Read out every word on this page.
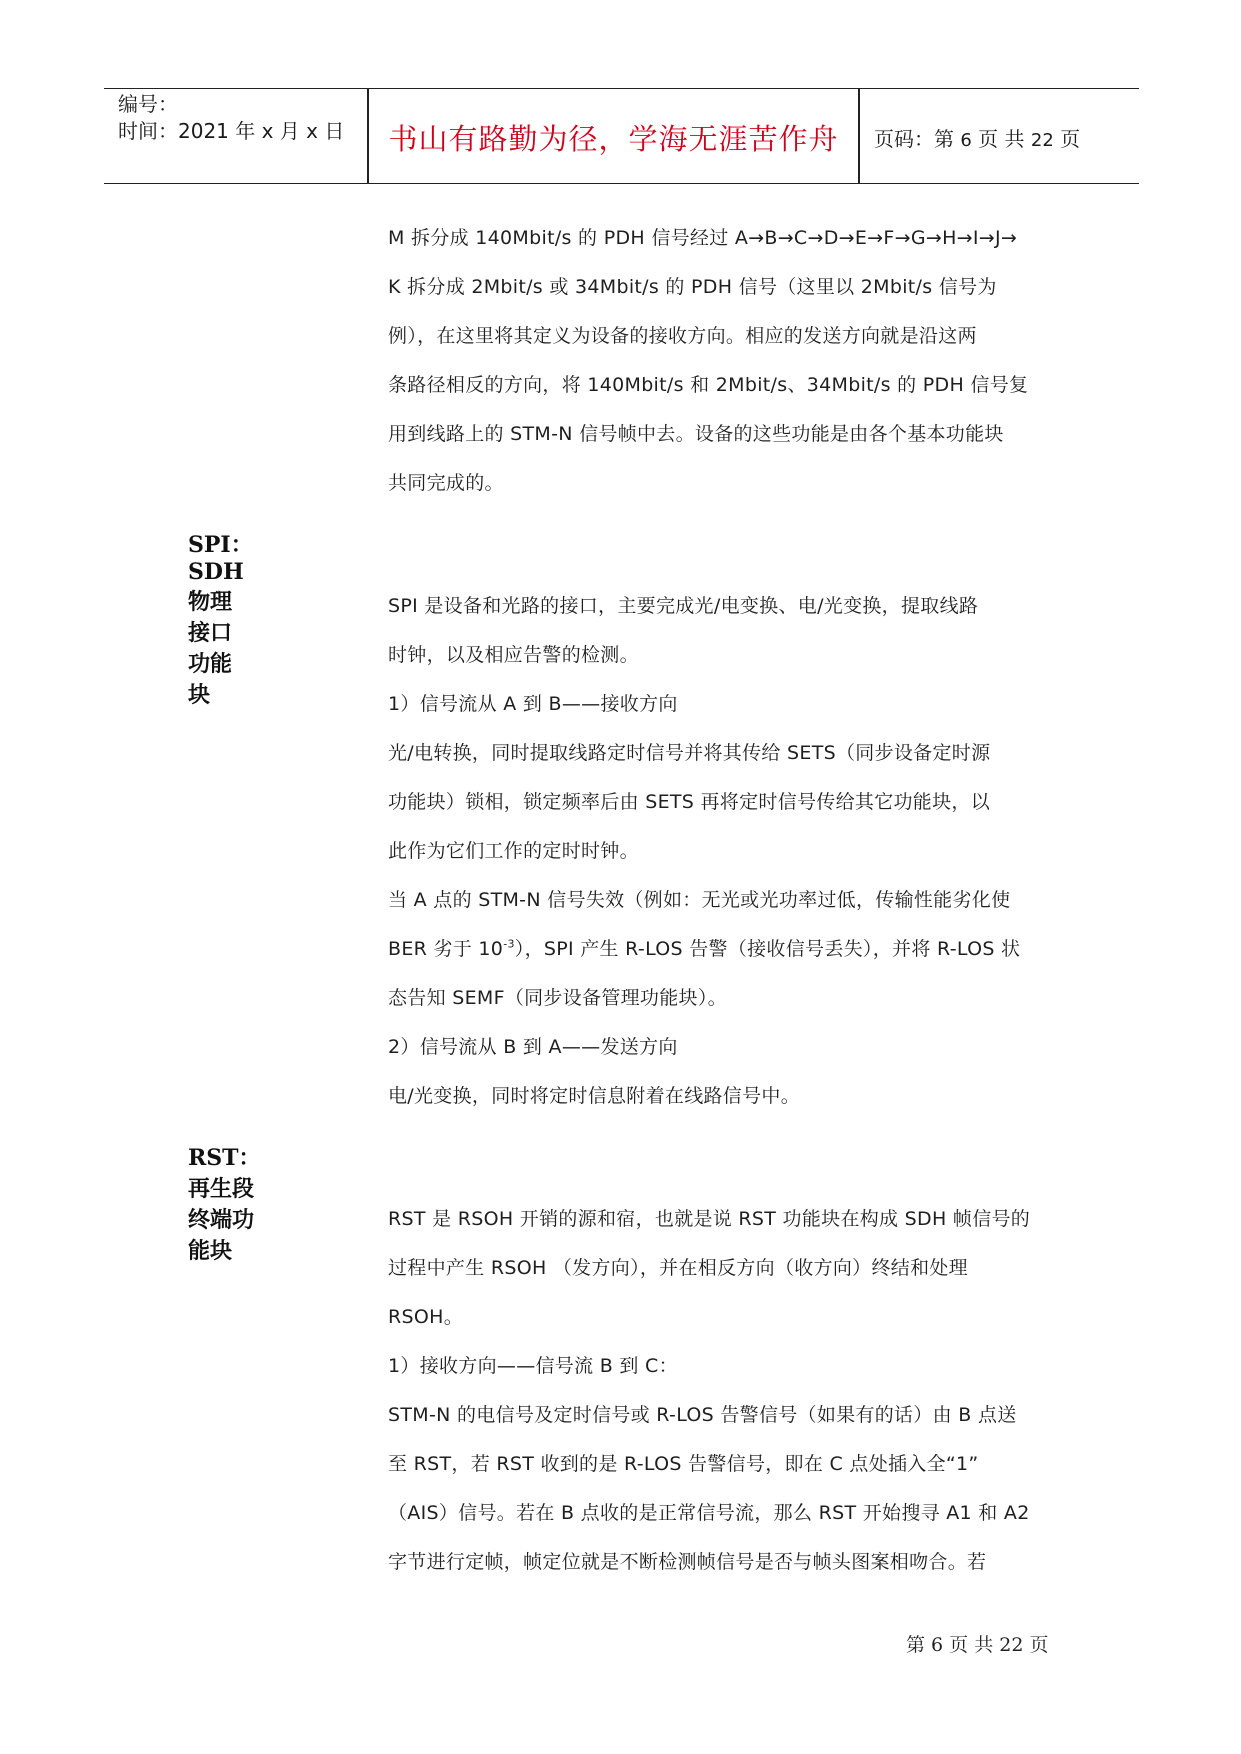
编号：
时间：2021 年 x 月 x 日	书山有路勤为径，学海无涯苦作舟	页码：第 6 页 共 22 页

M 拆分成 140Mbit/s 的 PDH 信号经过 A→B→C→D→E→F→G→H→I→J→

K 拆分成 2Mbit/s 或 34Mbit/s 的 PDH 信号（这里以 2Mbit/s 信号为

例），在这里将其定义为设备的接收方向。相应的发送方向就是沿这两

条路径相反的方向，将 140Mbit/s 和 2Mbit/s、34Mbit/s 的 PDH 信号复

用到线路上的 STM-N 信号帧中去。设备的这些功能是由各个基本功能块

共同完成的。

SPI：SDH 物理接口功能块

SPI 是设备和光路的接口，主要完成光/电变换、电/光变换，提取线路

时钟，以及相应告警的检测。

1）信号流从 A 到 B——接收方向

光/电转换，同时提取线路定时信号并将其传给 SETS（同步设备定时源

功能块）锁相，锁定频率后由 SETS 再将定时信号传给其它功能块，以

此作为它们工作的定时时钟。

当 A 点的 STM-N 信号失效（例如：无光或光功率过低，传输性能劣化使

BER 劣于 $10^{-3}$），SPI 产生 R-LOS 告警（接收信号丢失），并将 R-LOS 状

态告知 SEMF（同步设备管理功能块）。

2）信号流从 B 到 A——发送方向

电/光变换，同时将定时信息附着在线路信号中。

RST：再生段终端功能块

RST 是 RSOH 开销的源和宿，也就是说 RST 功能块在构成 SDH 帧信号的

过程中产生 RSOH （发方向），并在相反方向（收方向）终结和处理

RSOH。

1）接收方向——信号流 B 到 C：

STM-N 的电信号及定时信号或 R-LOS 告警信号（如果有的话）由 B 点送

至 RST，若 RST 收到的是 R-LOS 告警信号，即在 C 点处插入全“1”

（AIS）信号。若在 B 点收的是正常信号流，那么 RST 开始搜寻 A1 和 A2

字节进行定帧，帧定位就是不断检测帧信号是否与帧头图案相吻合。若

第 6 页 共 22 页
